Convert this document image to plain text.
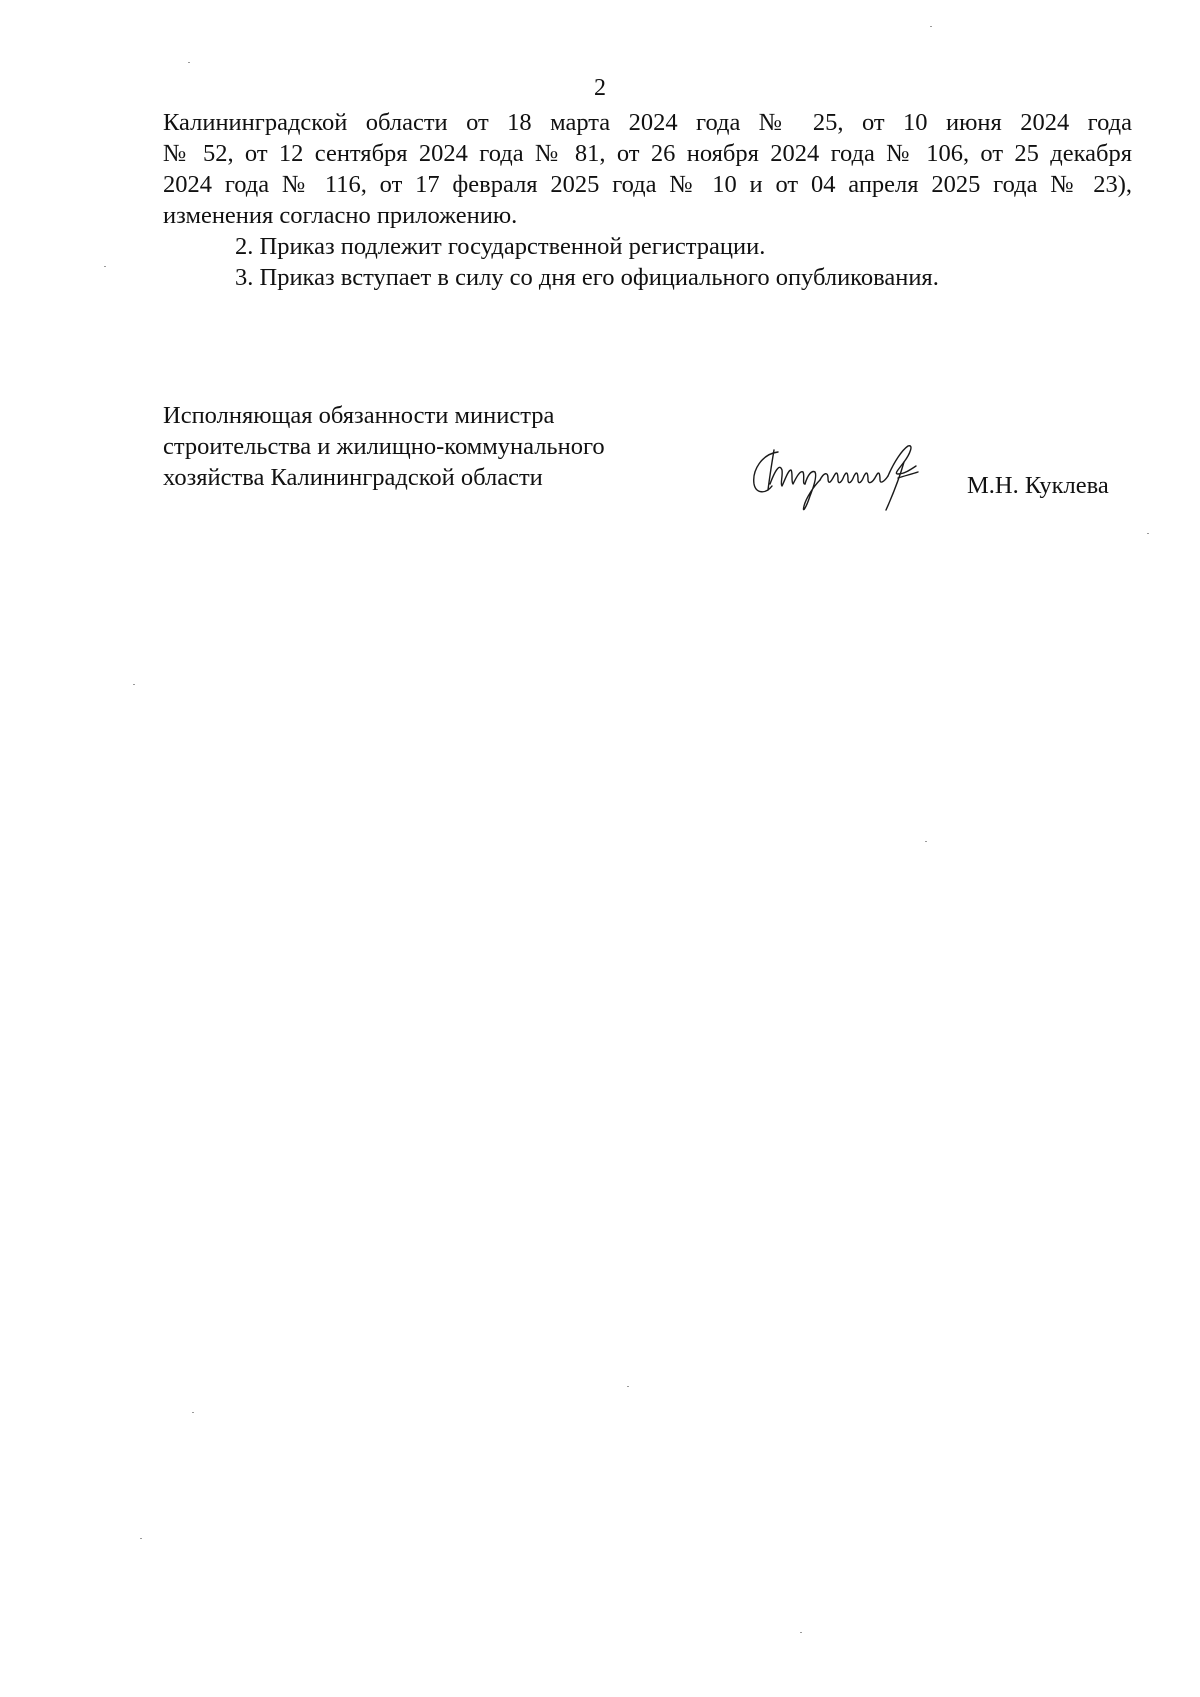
2

Калининградской области от 18 марта 2024 года № 25, от 10 июня 2024 года
№ 52, от 12 сентября 2024 года № 81, от 26 ноября 2024 года № 106, от 25 декабря
2024 года № 116, от 17 февраля 2025 года № 10 и от 04 апреля 2025 года № 23),
изменения согласно приложению.

2. Приказ подлежит государственной регистрации.

3. Приказ вступает в силу со дня его официального опубликования.

Исполняющая обязанности министра
строительства и жилищно-коммунального
хозяйства Калининградской области	М.Н. Куклева
